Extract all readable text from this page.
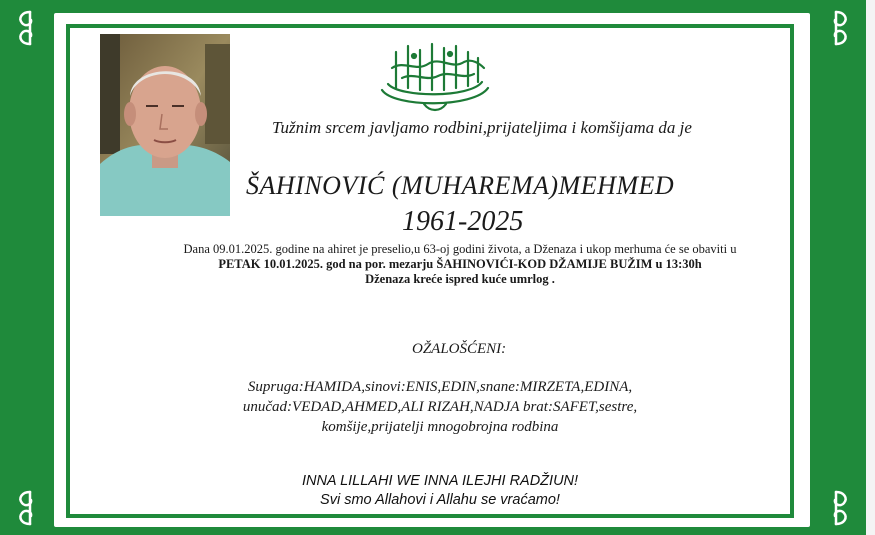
Tužnim srcem javljamo rodbini,prijateljima i komšijama da je
ŠAHINOVIĆ (MUHAREMA)MEHMED
1961-2025
Dana 09.01.2025. godine na ahiret je preselio,u 63-oj godini života, a Dženaza i ukop merhuma će se obaviti u
PETAK 10.01.2025. god na por. mezarju ŠAHINOVIĆI-KOD DŽAMIJE BUŽIM u 13:30h
Dženaza kreće ispred kuće umrlog .
OŽALOŠĆENI:
Supruga:HAMIDA,sinovi:ENIS,EDIN,snane:MIRZETA,EDINA,
unučad:VEDAD,AHMED,ALI RIZAH,NADJA brat:SAFET,sestre,
komšije,prijatelji mnogobrojna rodbina
INNA LILLAHI WE INNA ILEJHI RADŽIUN!
Svi smo Allahovi i Allahu se vraćamo!
